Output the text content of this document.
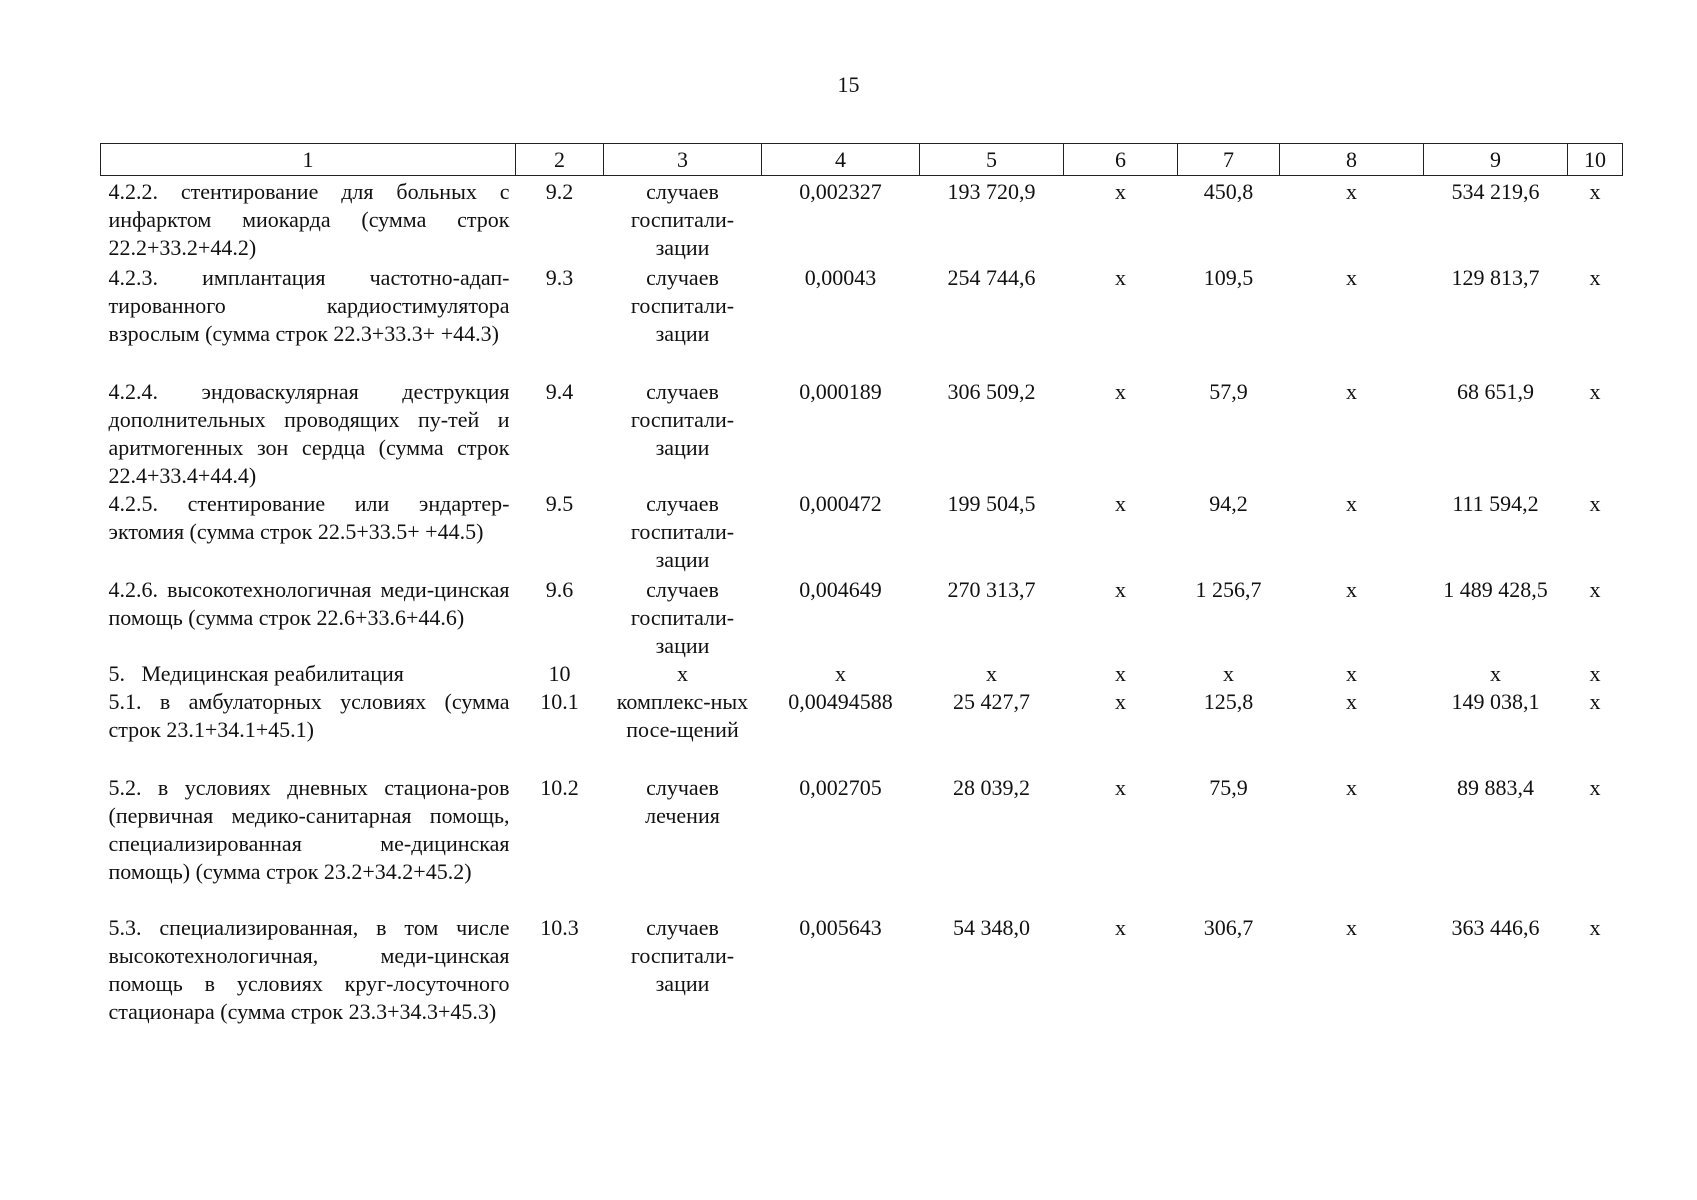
15
1	2	3	4	5	6	7	8	9	10
4.2.2. стентирование для больных с инфарктом миокарда (сумма строк 22.2+33.2+44.2)	9.2	случаев госпитали-зации	0,002327	193 720,9	х	450,8	х	534 219,6	х
4.2.3. имплантация частотно-адап-тированного кардиостимулятора взрослым (сумма строк 22.3+33.3+ +44.3)	9.3	случаев госпитали-зации	0,00043	254 744,6	х	109,5	х	129 813,7	х
4.2.4. эндоваскулярная деструкция дополнительных проводящих пу-тей и аритмогенных зон сердца (сумма строк 22.4+33.4+44.4)	9.4	случаев госпитали-зации	0,000189	306 509,2	х	57,9	х	68 651,9	х
4.2.5. стентирование или эндартер-эктомия (сумма строк 22.5+33.5+ +44.5)	9.5	случаев госпитали-зации	0,000472	199 504,5	х	94,2	х	111 594,2	х
4.2.6. высокотехнологичная меди-цинская помощь (сумма строк 22.6+33.6+44.6)	9.6	случаев госпитали-зации	0,004649	270 313,7	х	1 256,7	х	1 489 428,5	х
5.   Медицинская реабилитация	10	х	х	х	х	х	х	х	х
5.1. в амбулаторных условиях (сумма строк 23.1+34.1+45.1)	10.1	комплекс-ных посе-щений	0,00494588	25 427,7	х	125,8	х	149 038,1	х
5.2. в условиях дневных стациона-ров (первичная медико-санитарная помощь, специализированная ме-дицинская помощь) (сумма строк 23.2+34.2+45.2)	10.2	случаев лечения	0,002705	28 039,2	х	75,9	х	89 883,4	х
5.3. специализированная, в том числе высокотехнологичная, меди-цинская помощь в условиях круг-лосуточного стационара (сумма строк 23.3+34.3+45.3)	10.3	случаев госпитали-зации	0,005643	54 348,0	х	306,7	х	363 446,6	х
